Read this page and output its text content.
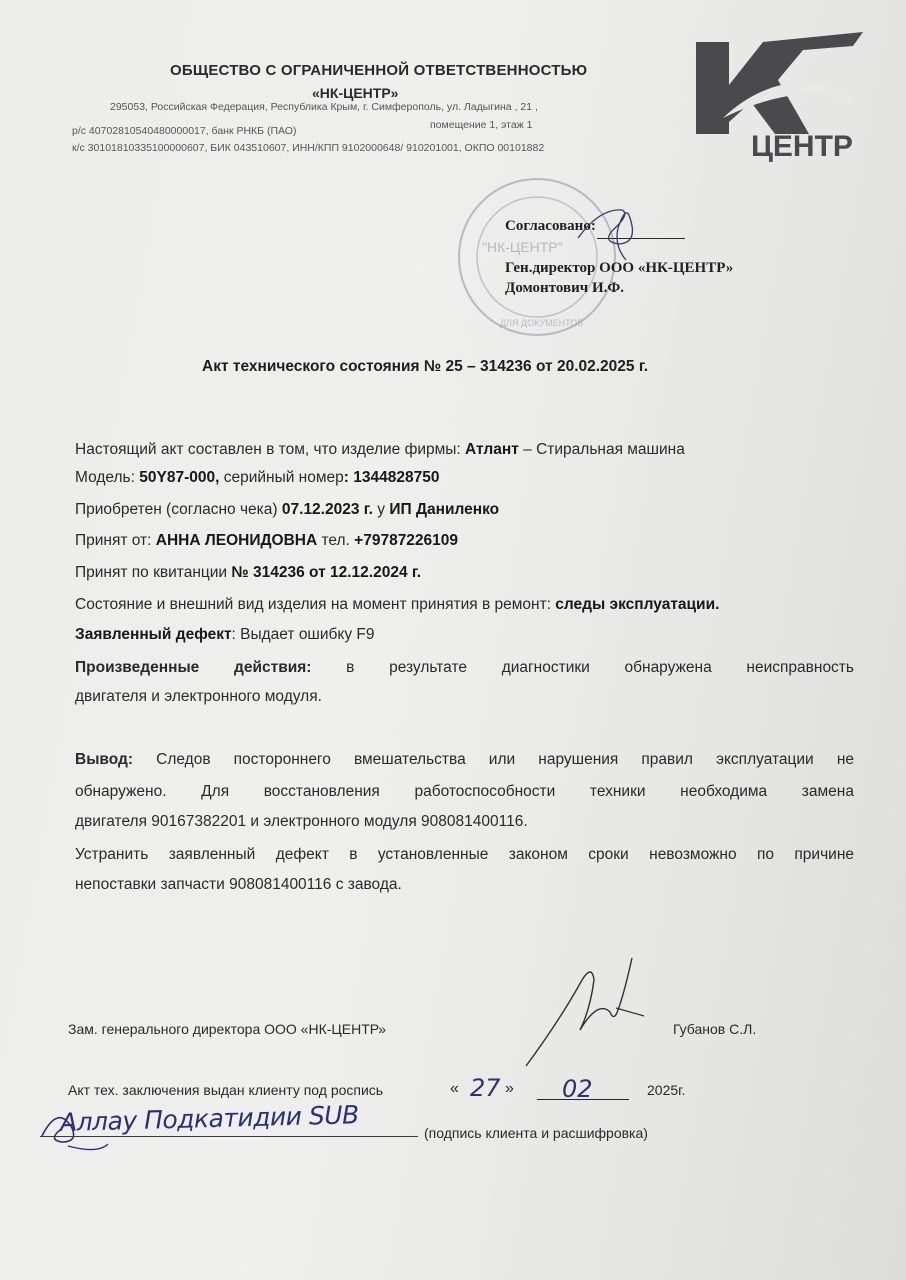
ОБЩЕСТВО С ОГРАНИЧЕННОЙ ОТВЕТСТВЕННОСТЬЮ
«НК-ЦЕНТР»
295053, Российская Федерация, Республика Крым, г. Симферополь, ул. Ладыгина , 21 ,
помещение 1, этаж 1
р/с 40702810540480000017, банк РНКБ (ПАО)
к/с 30101810335100000607, БИК 043510607, ИНН/КПП 9102000648/ 910201001, ОКПО 00101882	ЦЕНТР
"НК-ЦЕНТР"
ДЛЯ ДОКУМЕНТОВ
Согласовано:
Ген.директор ООО «НК-ЦЕНТР»
Домонтович И.Ф.
Акт технического состояния № 25 – 314236 от 20.02.2025 г.
Настоящий акт составлен в том, что изделие фирмы: Атлант – Стиральная машина
Модель: 50Y87-000, серийный номер: 1344828750
Приобретен (согласно чека) 07.12.2023 г. у ИП Даниленко
Принят от: АННА ЛЕОНИДОВНА тел. +79787226109
Принят по квитанции № 314236 от 12.12.2024 г.
Состояние и внешний вид изделия на момент принятия в ремонт: следы эксплуатации.
Заявленный дефект: Выдает ошибку F9
Произведенные действия: в результате диагностики обнаружена неисправность
двигателя и электронного модуля.
Вывод: Следов постороннего вмешательства или нарушения правил эксплуатации не
обнаружено. Для восстановления работоспособности техники необходима замена
двигателя 90167382201 и электронного модуля 908081400116.
Устранить заявленный дефект в установленные законом сроки невозможно по причине
непоставки запчасти 908081400116 с завода.
Зам. генерального директора ООО «НК-ЦЕНТР»	Губанов С.Л.
Акт тех. заключения выдан клиенту под роспись	« 27 » 02	2025г.
Аллау Подкатидии SUB	(подпись клиента и расшифровка)
